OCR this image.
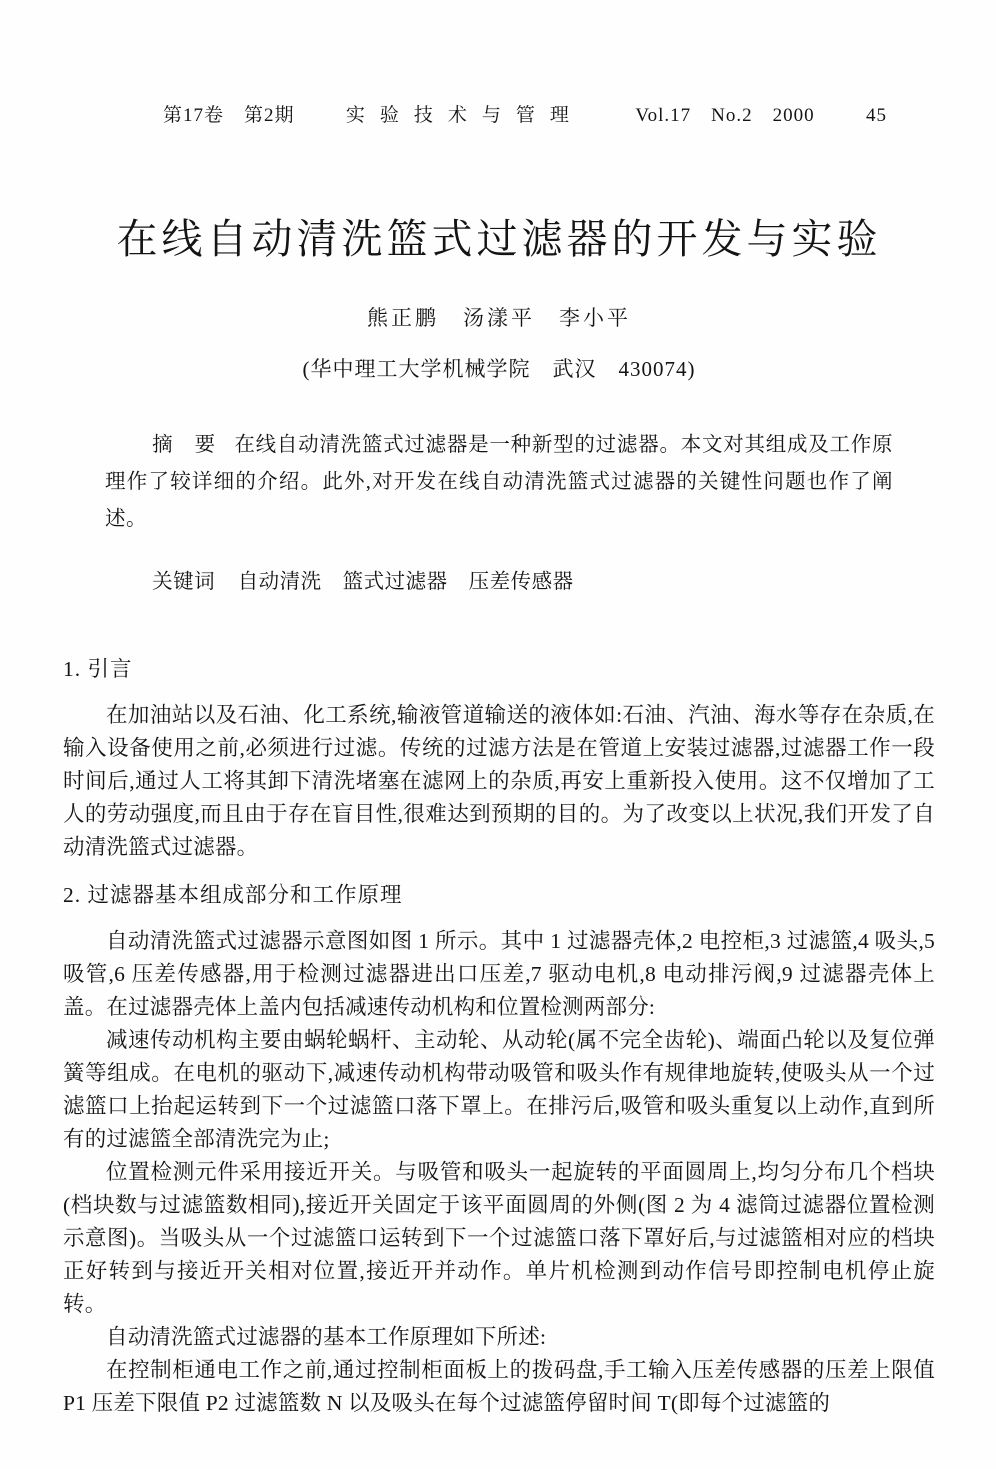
第17卷　第2期	实验技术与管理	Vol.17　No.2　2000	45
在线自动清洗篮式过滤器的开发与实验
熊正鹏　汤漾平　李小平
(华中理工大学机械学院　武汉　430074)

摘　要 在线自动清洗篮式过滤器是一种新型的过滤器。本文对其组成及工作原理作了较详细的介绍。此外,对开发在线自动清洗篮式过滤器的关键性问题也作了阐述。

关键词 自动清洗　篮式过滤器　压差传感器

1. 引言

在加油站以及石油、化工系统,输液管道输送的液体如:石油、汽油、海水等存在杂质,在输入设备使用之前,必须进行过滤。传统的过滤方法是在管道上安装过滤器,过滤器工作一段时间后,通过人工将其卸下清洗堵塞在滤网上的杂质,再安上重新投入使用。这不仅增加了工人的劳动强度,而且由于存在盲目性,很难达到预期的目的。为了改变以上状况,我们开发了自动清洗篮式过滤器。

2. 过滤器基本组成部分和工作原理

自动清洗篮式过滤器示意图如图 1 所示。其中 1 过滤器壳体,2 电控柜,3 过滤篮,4 吸头,5 吸管,6 压差传感器,用于检测过滤器进出口压差,7 驱动电机,8 电动排污阀,9 过滤器壳体上盖。在过滤器壳体上盖内包括减速传动机构和位置检测两部分:

减速传动机构主要由蜗轮蜗杆、主动轮、从动轮(属不完全齿轮)、端面凸轮以及复位弹簧等组成。在电机的驱动下,减速传动机构带动吸管和吸头作有规律地旋转,使吸头从一个过滤篮口上抬起运转到下一个过滤篮口落下罩上。在排污后,吸管和吸头重复以上动作,直到所有的过滤篮全部清洗完为止;

位置检测元件采用接近开关。与吸管和吸头一起旋转的平面圆周上,均匀分布几个档块(档块数与过滤篮数相同),接近开关固定于该平面圆周的外侧(图 2 为 4 滤筒过滤器位置检测示意图)。当吸头从一个过滤篮口运转到下一个过滤篮口落下罩好后,与过滤篮相对应的档块正好转到与接近开关相对位置,接近开并动作。单片机检测到动作信号即控制电机停止旋转。

自动清洗篮式过滤器的基本工作原理如下所述:

在控制柜通电工作之前,通过控制柜面板上的拨码盘,手工输入压差传感器的压差上限值 P1 压差下限值 P2 过滤篮数 N 以及吸头在每个过滤篮停留时间 T(即每个过滤篮的
